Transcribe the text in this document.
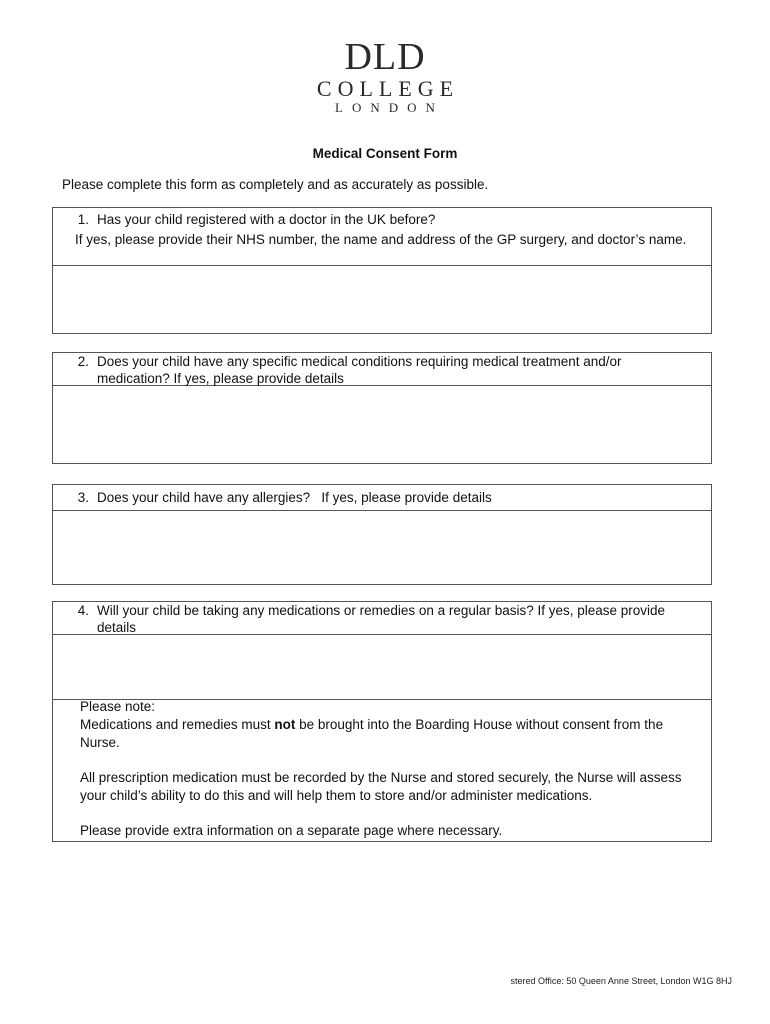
DLD
COLLEGE
LONDON
Medical Consent Form
Please complete this form as completely and as accurately as possible.
1. Has your child registered with a doctor in the UK before?
If yes, please provide their NHS number, the name and address of the GP surgery, and doctor’s name.
2. Does your child have any specific medical conditions requiring medical treatment and/or medication? If yes, please provide details
3. Does your child have any allergies?   If yes, please provide details
4. Will your child be taking any medications or remedies on a regular basis? If yes, please provide details
Please note:
Medications and remedies must not be brought into the Boarding House without consent from the Nurse.
All prescription medication must be recorded by the Nurse and stored securely, the Nurse will assess your child’s ability to do this and will help them to store and/or administer medications.
Please provide extra information on a separate page where necessary.
stered Office: 50 Queen Anne Street, London W1G 8HJ
